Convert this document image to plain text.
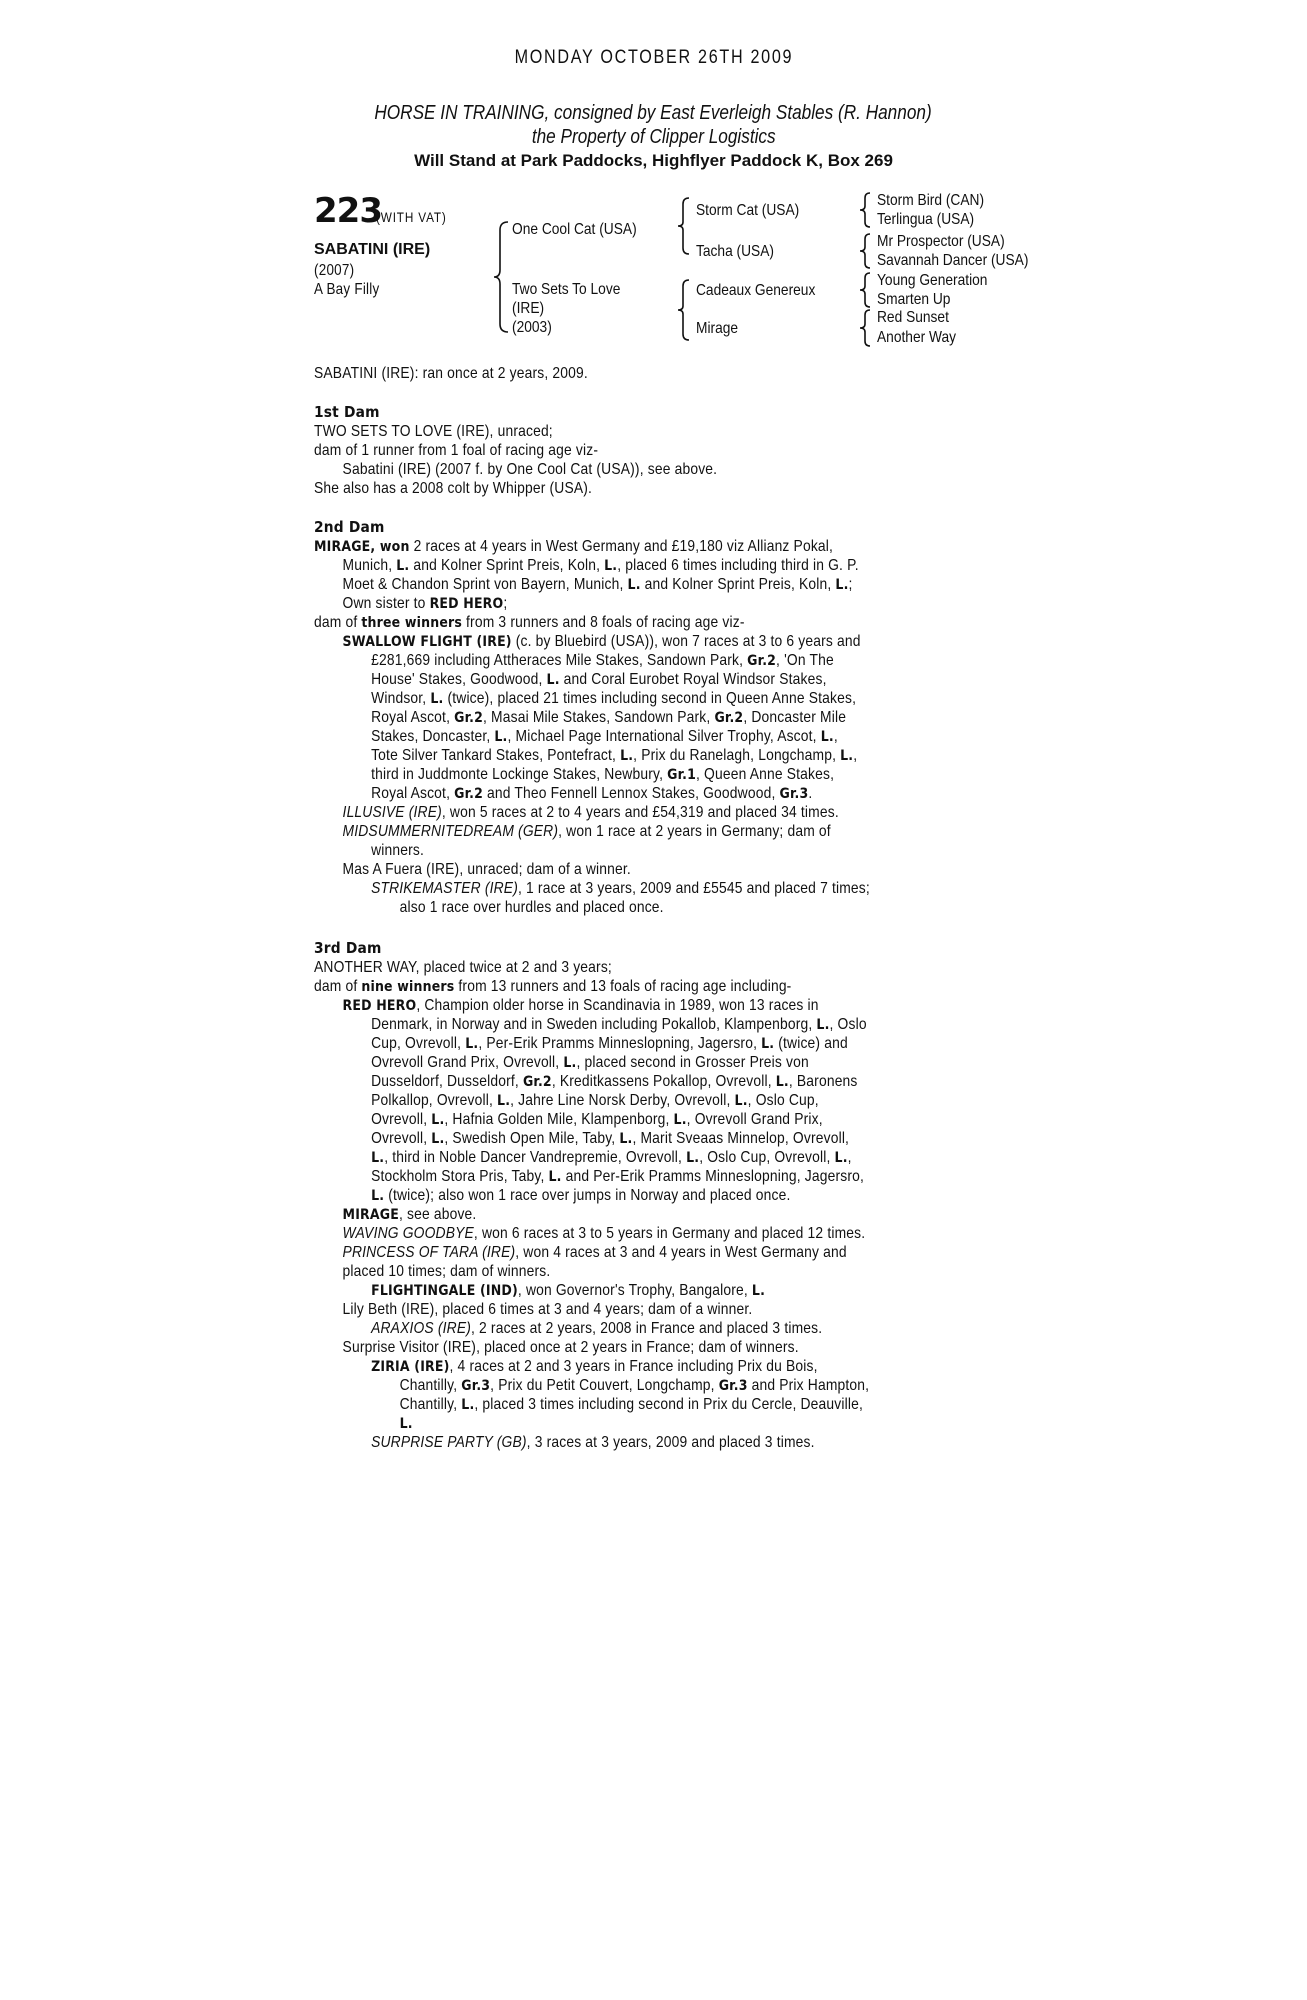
MONDAY OCTOBER 26TH 2009
HORSE IN TRAINING, consigned by East Everleigh Stables (R. Hannon)
the Property of Clipper Logistics
Will Stand at Park Paddocks, Highflyer Paddock K, Box 269
223
(WITH VAT)
SABATINI (IRE)
(2007)
A Bay Filly
One Cool Cat (USA)
Two Sets To Love
(IRE)
(2003)
Storm Cat (USA)
Tacha (USA)
Cadeaux Genereux
Mirage
Storm Bird (CAN)
Terlingua (USA)
Mr Prospector (USA)
Savannah Dancer (USA)
Young Generation
Smarten Up
Red Sunset
Another Way
SABATINI (IRE): ran once at 2 years, 2009.
1st Dam
TWO SETS TO LOVE (IRE), unraced;
dam of 1 runner from 1 foal of racing age viz-
Sabatini (IRE) (2007 f. by One Cool Cat (USA)), see above.
She also has a 2008 colt by Whipper (USA).
2nd Dam
MIRAGE, won 2 races at 4 years in West Germany and £19,180 viz Allianz Pokal,
Munich, L. and Kolner Sprint Preis, Koln, L., placed 6 times including third in G. P.
Moet & Chandon Sprint von Bayern, Munich, L. and Kolner Sprint Preis, Koln, L.;
Own sister to RED HERO;
dam of three winners from 3 runners and 8 foals of racing age viz-
SWALLOW FLIGHT (IRE) (c. by Bluebird (USA)), won 7 races at 3 to 6 years and
£281,669 including Attheraces Mile Stakes, Sandown Park, Gr.2, 'On The
House' Stakes, Goodwood, L. and Coral Eurobet Royal Windsor Stakes,
Windsor, L. (twice), placed 21 times including second in Queen Anne Stakes,
Royal Ascot, Gr.2, Masai Mile Stakes, Sandown Park, Gr.2, Doncaster Mile
Stakes, Doncaster, L., Michael Page International Silver Trophy, Ascot, L.,
Tote Silver Tankard Stakes, Pontefract, L., Prix du Ranelagh, Longchamp, L.,
third in Juddmonte Lockinge Stakes, Newbury, Gr.1, Queen Anne Stakes,
Royal Ascot, Gr.2 and Theo Fennell Lennox Stakes, Goodwood, Gr.3.
ILLUSIVE (IRE), won 5 races at 2 to 4 years and £54,319 and placed 34 times.
MIDSUMMERNITEDREAM (GER), won 1 race at 2 years in Germany; dam of
winners.
Mas A Fuera (IRE), unraced; dam of a winner.
STRIKEMASTER (IRE), 1 race at 3 years, 2009 and £5545 and placed 7 times;
also 1 race over hurdles and placed once.
3rd Dam
ANOTHER WAY, placed twice at 2 and 3 years;
dam of nine winners from 13 runners and 13 foals of racing age including-
RED HERO, Champion older horse in Scandinavia in 1989, won 13 races in
Denmark, in Norway and in Sweden including Pokallob, Klampenborg, L., Oslo
Cup, Ovrevoll, L., Per-Erik Pramms Minneslopning, Jagersro, L. (twice) and
Ovrevoll Grand Prix, Ovrevoll, L., placed second in Grosser Preis von
Dusseldorf, Dusseldorf, Gr.2, Kreditkassens Pokallop, Ovrevoll, L., Baronens
Polkallop, Ovrevoll, L., Jahre Line Norsk Derby, Ovrevoll, L., Oslo Cup,
Ovrevoll, L., Hafnia Golden Mile, Klampenborg, L., Ovrevoll Grand Prix,
Ovrevoll, L., Swedish Open Mile, Taby, L., Marit Sveaas Minnelop, Ovrevoll,
L., third in Noble Dancer Vandrepremie, Ovrevoll, L., Oslo Cup, Ovrevoll, L.,
Stockholm Stora Pris, Taby, L. and Per-Erik Pramms Minneslopning, Jagersro,
L. (twice); also won 1 race over jumps in Norway and placed once.
MIRAGE, see above.
WAVING GOODBYE, won 6 races at 3 to 5 years in Germany and placed 12 times.
PRINCESS OF TARA (IRE), won 4 races at 3 and 4 years in West Germany and
placed 10 times; dam of winners.
FLIGHTINGALE (IND), won Governor's Trophy, Bangalore, L.
Lily Beth (IRE), placed 6 times at 3 and 4 years; dam of a winner.
ARAXIOS (IRE), 2 races at 2 years, 2008 in France and placed 3 times.
Surprise Visitor (IRE), placed once at 2 years in France; dam of winners.
ZIRIA (IRE), 4 races at 2 and 3 years in France including Prix du Bois,
Chantilly, Gr.3, Prix du Petit Couvert, Longchamp, Gr.3 and Prix Hampton,
Chantilly, L., placed 3 times including second in Prix du Cercle, Deauville,
L.
SURPRISE PARTY (GB), 3 races at 3 years, 2009 and placed 3 times.
